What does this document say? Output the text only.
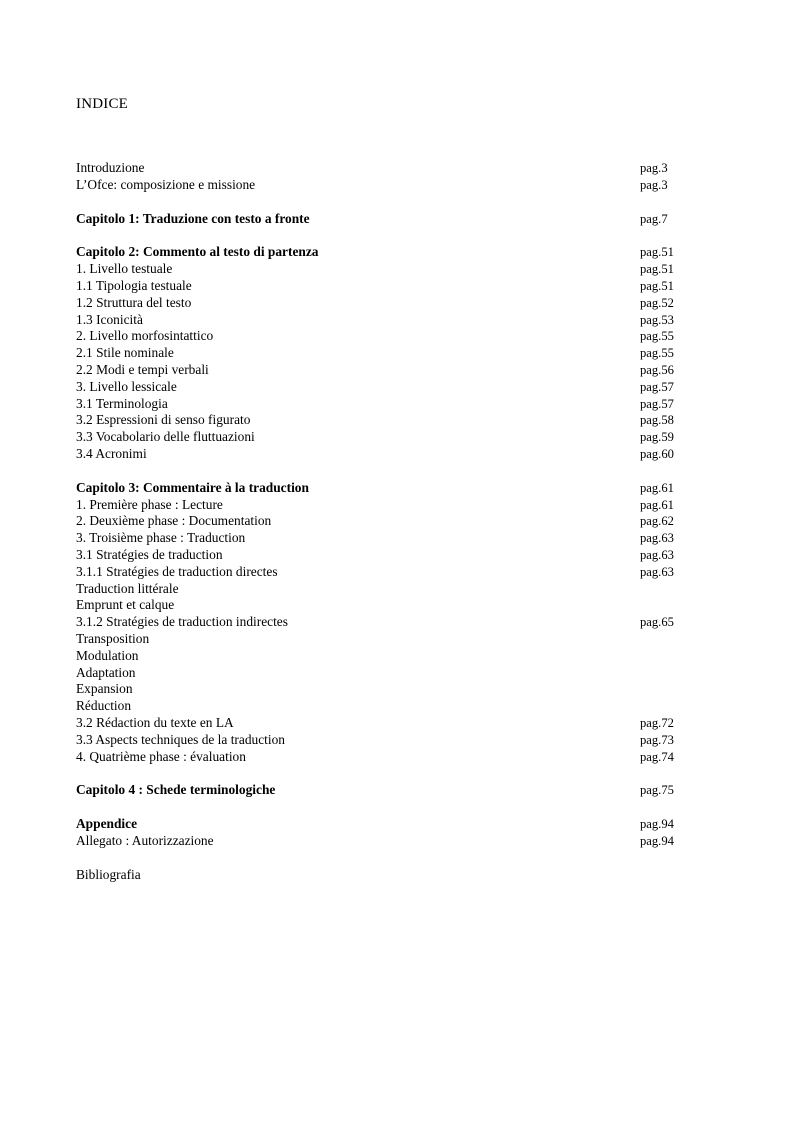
INDICE
Introduzione	pag.3
L’Ofce: composizione e missione	pag.3
Capitolo 1: Traduzione con testo a fronte	pag.7
Capitolo 2: Commento al testo di partenza	pag.51
1. Livello testuale	pag.51
1.1 Tipologia testuale	pag.51
1.2 Struttura del testo	pag.52
1.3 Iconicità	pag.53
2. Livello morfosintattico	pag.55
2.1 Stile nominale	pag.55
2.2 Modi e tempi verbali	pag.56
3. Livello lessicale	pag.57
3.1 Terminologia	pag.57
3.2 Espressioni di senso figurato	pag.58
3.3 Vocabolario delle fluttuazioni	pag.59
3.4 Acronimi	pag.60
Capitolo 3: Commentaire à la traduction	pag.61
1. Première phase : Lecture	pag.61
2. Deuxième phase : Documentation	pag.62
3. Troisième phase : Traduction	pag.63
3.1 Stratégies de traduction	pag.63
3.1.1 Stratégies de traduction directes	pag.63
Traduction littérale
Emprunt et calque
3.1.2 Stratégies de traduction indirectes	pag.65
Transposition
Modulation
Adaptation
Expansion
Réduction
3.2 Rédaction du texte en LA	pag.72
3.3 Aspects techniques de la traduction	pag.73
4. Quatrième phase : évaluation	pag.74
Capitolo 4 : Schede terminologiche	pag.75
Appendice	pag.94
Allegato : Autorizzazione	pag.94
Bibliografia
